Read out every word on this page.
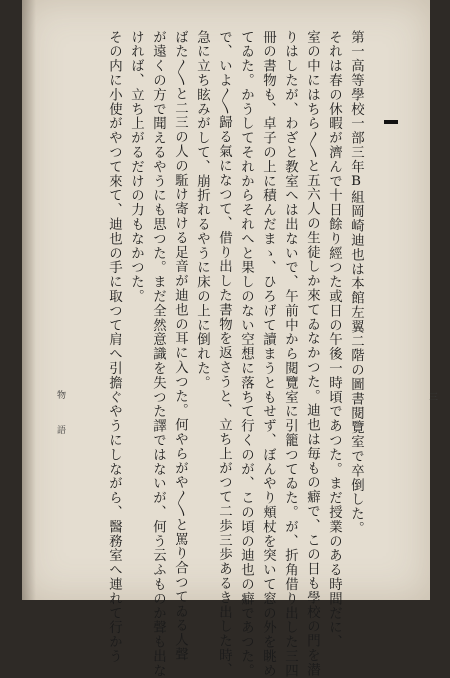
第一高等學校一部三年B組岡崎迪也は本館左翼二階の圖書閱覽室で卒倒した。
それは春の休暇が濟んで十日餘り經つた或日の午後一時頃であつた。まだ授業のある時間だに、
室の中にはちら〳〵と五六人の生徒しか來てゐなかつた。迪也は毎もの癖で、この日も學校の門を潜
りはしたが、わざと教室へは出ないで、午前中から閱覽室に引籠つてゐた。が、折角借り出した三四
冊の書物も、卓子の上に積んだまゝ、ひろげて讀まうともせず、ぼんやり頬杖を突いて窓の外を眺め
てゐた。かうしてそれからそれへと果しのない空想に落ちて行くのが、この頃の迪也の癖であつた。
で、いよ〳〵歸る氣になつて、借り出した書物を返さうと、立ち上がつて二歩三歩あるき出した時、
急に立ち眩みがして、崩折れるやうに床の上に倒れた。
ばた〳〵と二三の人の駈け寄ける足音が迪也の耳に入つた。何やらがや〳〵と罵り合つてゐる人聲
が遠くの方で聞えるやうにも思つた。まだ全然意識を失つた譯ではないが、何う云ふものか聲も出な
ければ、立ち上がるだけの力もなかつた。
その内に小使がやつて來て、迪也の手に取つて肩へ引擔ぐやうにしながら、醫務室へ連れて行かう
物 語	三
